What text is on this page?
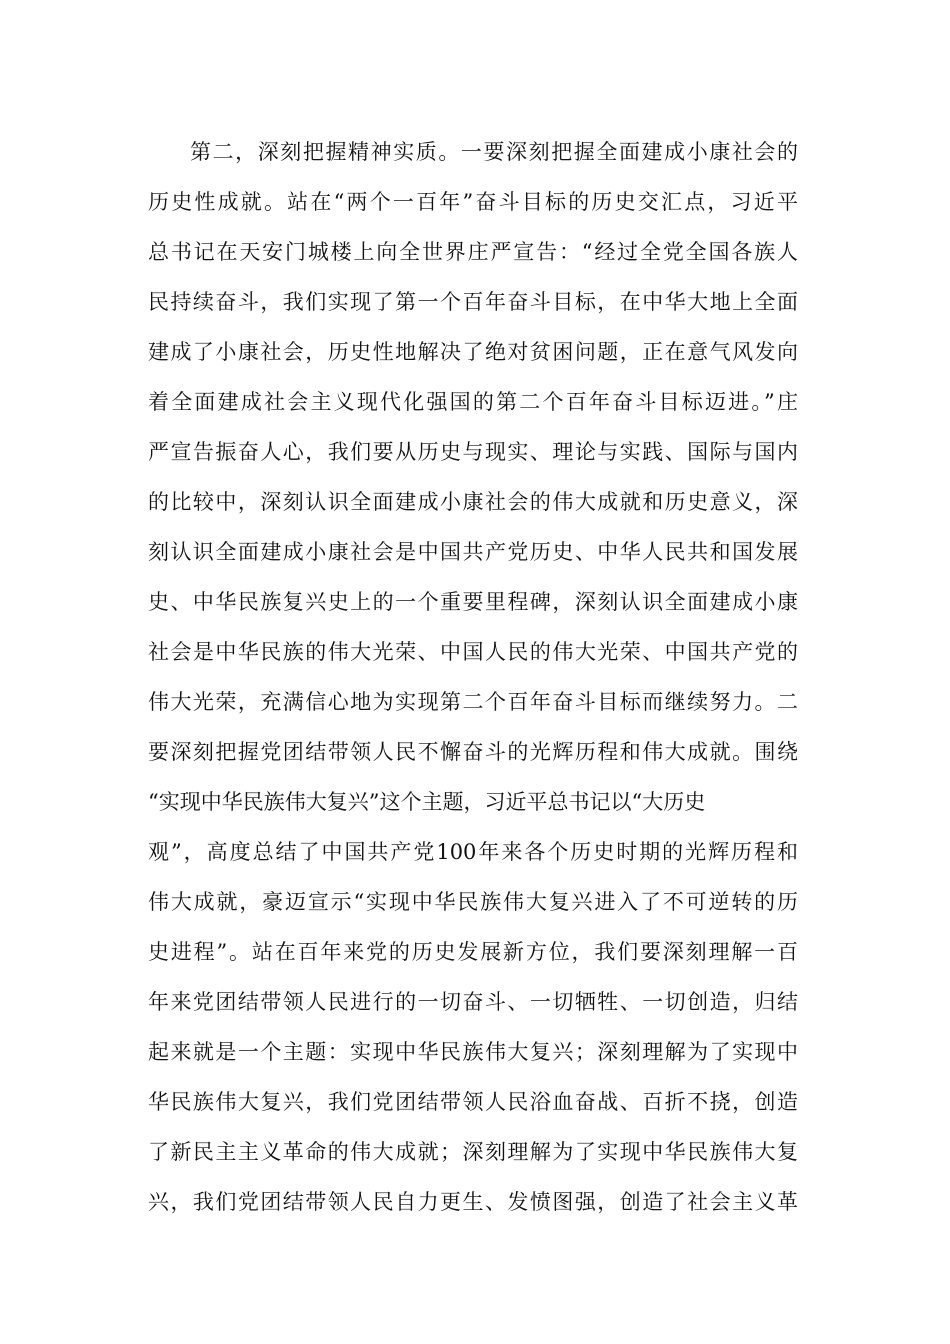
第二，深刻把握精神实质。一要深刻把握全面建成小康社会的
历史性成就。站在“两个一百年”奋斗目标的历史交汇点，习近平
总书记在天安门城楼上向全世界庄严宣告：“经过全党全国各族人
民持续奋斗，我们实现了第一个百年奋斗目标，在中华大地上全面
建成了小康社会，历史性地解决了绝对贫困问题，正在意气风发向
着全面建成社会主义现代化强国的第二个百年奋斗目标迈进。”庄
严宣告振奋人心，我们要从历史与现实、理论与实践、国际与国内
的比较中，深刻认识全面建成小康社会的伟大成就和历史意义，深
刻认识全面建成小康社会是中国共产党历史、中华人民共和国发展
史、中华民族复兴史上的一个重要里程碑，深刻认识全面建成小康
社会是中华民族的伟大光荣、中国人民的伟大光荣、中国共产党的
伟大光荣，充满信心地为实现第二个百年奋斗目标而继续努力。二
要深刻把握党团结带领人民不懈奋斗的光辉历程和伟大成就。围绕
“实现中华民族伟大复兴”这个主题，习近平总书记以“大历史
观”，高度总结了中国共产党100年来各个历史时期的光辉历程和
伟大成就，豪迈宣示“实现中华民族伟大复兴进入了不可逆转的历
史进程”。站在百年来党的历史发展新方位，我们要深刻理解一百
年来党团结带领人民进行的一切奋斗、一切牺牲、一切创造，归结
起来就是一个主题：实现中华民族伟大复兴；深刻理解为了实现中
华民族伟大复兴，我们党团结带领人民浴血奋战、百折不挠，创造
了新民主主义革命的伟大成就；深刻理解为了实现中华民族伟大复
兴，我们党团结带领人民自力更生、发愤图强，创造了社会主义革
